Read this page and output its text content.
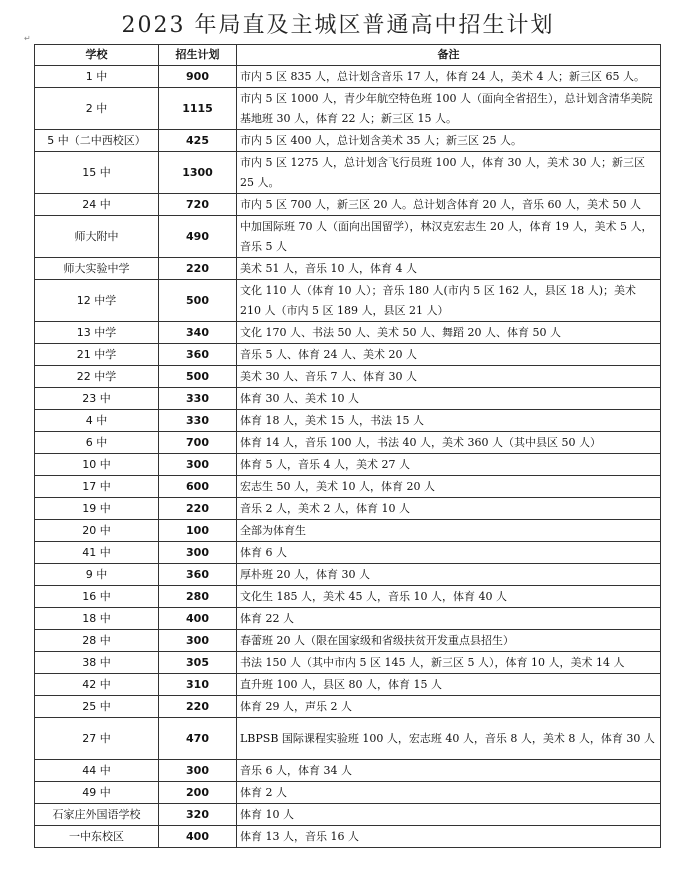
2023 年局直及主城区普通高中招生计划
↵
学校	招生计划	备注
1 中	900	市内 5 区 835 人，总计划含音乐 17 人，体育 24 人，美术 4 人；新三区 65 人。
2 中	1115	市内 5 区 1000 人，青少年航空特色班 100 人（面向全省招生），总计划含清华美院基地班 30 人，体育 22 人；新三区 15 人。
5 中（二中西校区）	425	市内 5 区 400 人，总计划含美术 35 人；新三区 25 人。
15 中	1300	市内 5 区 1275 人，总计划含飞行员班 100 人，体育 30 人，美术 30 人；新三区 25 人。
24 中	720	市内 5 区 700 人，新三区 20 人。总计划含体育 20 人，音乐 60 人，美术 50 人
师大附中	490	中加国际班 70 人（面向出国留学），林汉克宏志生 20 人，体育 19 人，美术 5 人，音乐 5 人
师大实验中学	220	美术 51 人，音乐 10 人，体育 4 人
12 中学	500	文化 110 人（体育 10 人）；音乐 180 人(市内 5 区 162 人，县区 18 人)；美术 210 人（市内 5 区 189 人，县区 21 人）
13 中学	340	文化 170 人、书法 50 人、美术 50 人、舞蹈 20 人、体育 50 人
21 中学	360	音乐 5 人、体育 24 人、美术 20 人
22 中学	500	美术 30 人、音乐 7 人、体育 30 人
23 中	330	体育 30 人、美术 10 人
4 中	330	体育 18 人，美术 15 人，书法 15 人
6 中	700	体育 14 人，音乐 100 人，书法 40 人，美术 360 人（其中县区 50 人）
10 中	300	体育 5 人，音乐 4 人，美术 27 人
17 中	600	宏志生 50 人，美术 10 人，体育 20 人
19 中	220	音乐 2 人，美术 2 人，体育 10 人
20 中	100	全部为体育生
41 中	300	体育 6 人
9 中	360	厚朴班 20 人，体育 30 人
16 中	280	文化生 185 人，美术 45 人，音乐 10 人，体育 40 人
18 中	400	体育 22 人
28 中	300	春蕾班 20 人（限在国家级和省级扶贫开发重点县招生）
38 中	305	书法 150 人（其中市内 5 区 145 人，新三区 5 人），体育 10 人，美术 14 人
42 中	310	直升班 100 人，县区 80 人，体育 15 人
25 中	220	体育 29 人，声乐 2 人
27 中	470	LBPSB 国际课程实验班 100 人，宏志班 40 人，音乐 8 人，美术 8 人，体育 30 人
44 中	300	音乐 6 人，体育 34 人
49 中	200	体育 2 人
石家庄外国语学校	320	体育 10 人
一中东校区	400	体育 13 人，音乐 16 人
